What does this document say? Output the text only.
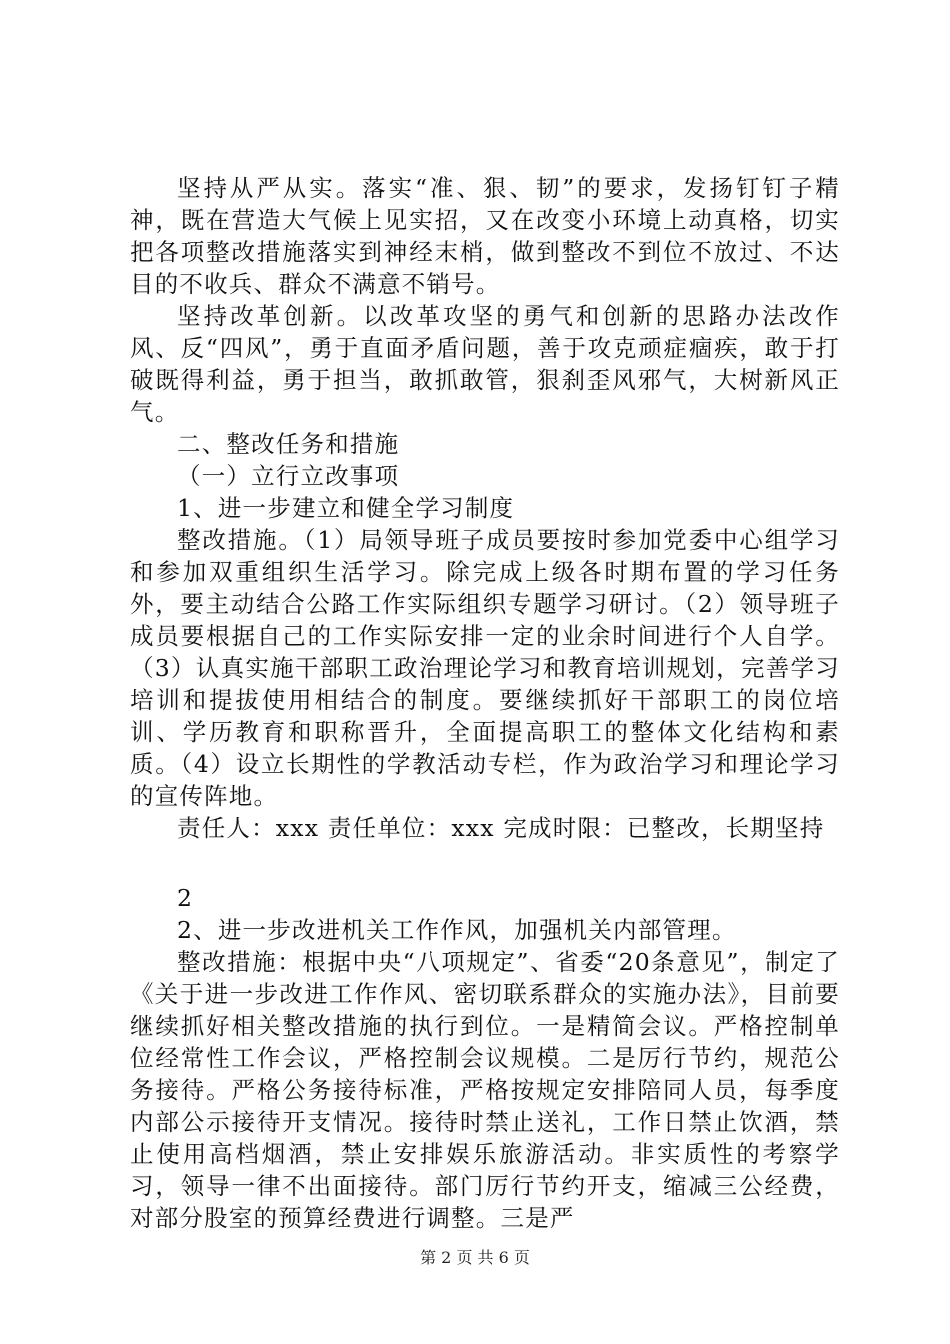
坚持从严从实。落实“准、狠、韧”的要求，发扬钉钉子精神，既在营造大气候上见实招，又在改变小环境上动真格，切实把各项整改措施落实到神经末梢，做到整改不到位不放过、不达目的不收兵、群众不满意不销号。

坚持改革创新。以改革攻坚的勇气和创新的思路办法改作风、反“四风”，勇于直面矛盾问题，善于攻克顽症痼疾，敢于打破既得利益，勇于担当，敢抓敢管，狠刹歪风邪气，大树新风正气。

二、整改任务和措施

（一）立行立改事项

1、进一步建立和健全学习制度

整改措施。（1）局领导班子成员要按时参加党委中心组学习和参加双重组织生活学习。除完成上级各时期布置的学习任务外，要主动结合公路工作实际组织专题学习研讨。（2）领导班子成员要根据自己的工作实际安排一定的业余时间进行个人自学。（3）认真实施干部职工政治理论学习和教育培训规划，完善学习培训和提拔使用相结合的制度。要继续抓好干部职工的岗位培训、学历教育和职称晋升，全面提高职工的整体文化结构和素质。（4）设立长期性的学教活动专栏，作为政治学习和理论学习的宣传阵地。

责任人：xxx 责任单位：xxx 完成时限：已整改，长期坚持

2

2、进一步改进机关工作作风，加强机关内部管理。

整改措施：根据中央“八项规定”、省委“20条意见”，制定了《关于进一步改进工作作风、密切联系群众的实施办法》，目前要继续抓好相关整改措施的执行到位。一是精简会议。严格控制单位经常性工作会议，严格控制会议规模。二是厉行节约，规范公务接待。严格公务接待标准，严格按规定安排陪同人员，每季度内部公示接待开支情况。接待时禁止送礼，工作日禁止饮酒，禁止使用高档烟酒，禁止安排娱乐旅游活动。非实质性的考察学习，领导一律不出面接待。部门厉行节约开支，缩减三公经费，对部分股室的预算经费进行调整。三是严

第 2 页 共 6 页
